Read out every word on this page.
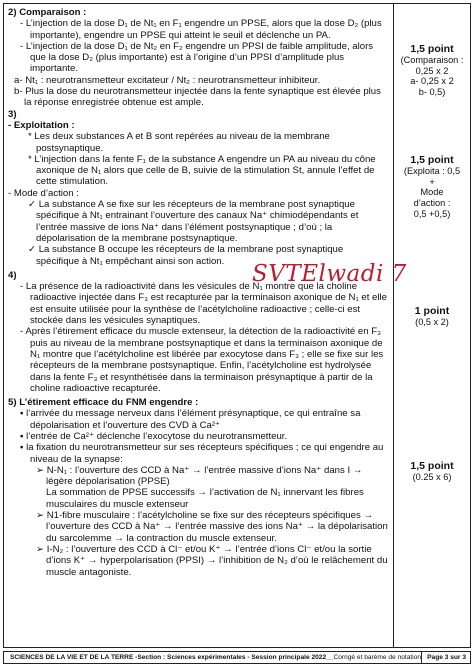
2) Comparaison :

- L’injection de la dose D₁ de Nt₁ en F₁ engendre un PPSE, alors que la dose D₂ (plus importante), engendre un PPSE qui atteint le seuil et déclenche un PA.

- L’injection de la dose D₁ de Nt₂ en F₂ engendre un PPSI de faible amplitude, alors que la dose D₂ (plus importante) est à l’origine d’un PPSI d’amplitude plus importante.

a- Nt₁ : neurotransmetteur excitateur / Nt₂ : neurotransmetteur inhibiteur.

b- Plus la dose du neurotransmetteur injectée dans la fente synaptique est élevée plus la réponse enregistrée obtenue est ample.

3)

- Exploitation :

* Les deux substances A et B sont repérées au niveau de la membrane postsynaptique.

* L’injection dans la fente F₁ de la substance A engendre un PA au niveau du cône axonique de N₁ alors que celle de B, suivie de la stimulation St, annule l’effet de cette stimulation.

- Mode d’action :

✓ La substance A se fixe sur les récepteurs de la membrane post synaptique spécifique à Nt₁ entrainant l’ouverture des canaux Na⁺ chimiodépendants et l’entrée massive de ions Na⁺ dans l’élément postsynaptique ; d’où ; la dépolarisation de la membrane postsynaptique.

✓ La substance B occupe les récepteurs de la membrane post synaptique spécifique à Nt₁ empêchant ainsi son action.

4)

- La présence de la radioactivité dans les vésicules de N₁ montre que la choline radioactive injectée dans F₃ est recapturée par la terminaison axonique de N₁ et elle est ensuite utilisée pour la synthèse de l’acétylcholine radioactive ; celle-ci est stockée dans les vésicules synaptiques.

- Après l’étirement efficace du muscle extenseur, la détection de la radioactivité en F₃ puis au niveau de la membrane postsynaptique et dans la terminaison axonique de N₁ montre que l’acétylcholine est libérée par exocytose dans F₃ ; elle se fixe sur les récepteurs de la membrane postsynaptique. Enfin, l’acétylcholine est hydrolysée dans la fente F₃ et resynthétisée dans la terminaison présynaptique à partir de la choline radioactive recapturée.

5) L’étirement efficace du FNM engendre :

▪ l’arrivée du message nerveux dans l’élément présynaptique, ce qui entraîne sa dépolarisation et l’ouverture des CVD à Ca²⁺

▪ l’entrée de Ca²⁺ déclenche l’exocytose du neurotransmetteur.

▪ la fixation du neurotransmetteur sur ses récepteurs spécifiques ; ce qui engendre au niveau de la synapse:

➢ N-N₁ : l’ouverture des CCD à Na⁺ → l’entrée massive d’ions Na⁺ dans I → légère dépolarisation (PPSE)

La sommation de PPSE successifs → l’activation de N₁ innervant les fibres musculaires du muscle extenseur

➢ N1-fibre musculaire : l’acétylcholine se fixe sur des récepteurs spécifiques → l’ouverture des CCD à Na⁺ → l’entrée massive des ions Na⁺ → la dépolarisation du sarcolemme → la contraction du muscle extenseur.

➢ I-N₂ : l’ouverture des CCD à Cl⁻ et/ou K⁺ → l’entrée d’ions Cl⁻ et/ou la sortie d’ions K⁺ → hyperpolarisation (PPSI) → l’inhibition de N₂ d’où le relâchement du muscle antagoniste.

1,5 point
(Comparaison :
0,25 x 2
a- 0,25 x 2
b- 0,5)
1,5 point
(Exploita : 0,5
+
Mode
d’action :
0,5 +0,5)
1 point
(0,5 x 2)
1,5 point
(0.25 x 6)
SVTElwadi 7
SCIENCES DE LA VIE ET DE LA TERRE -Section : Sciences expérimentales - Session principale 2022__Corrigé et barème de notation Page 3 sur 3
